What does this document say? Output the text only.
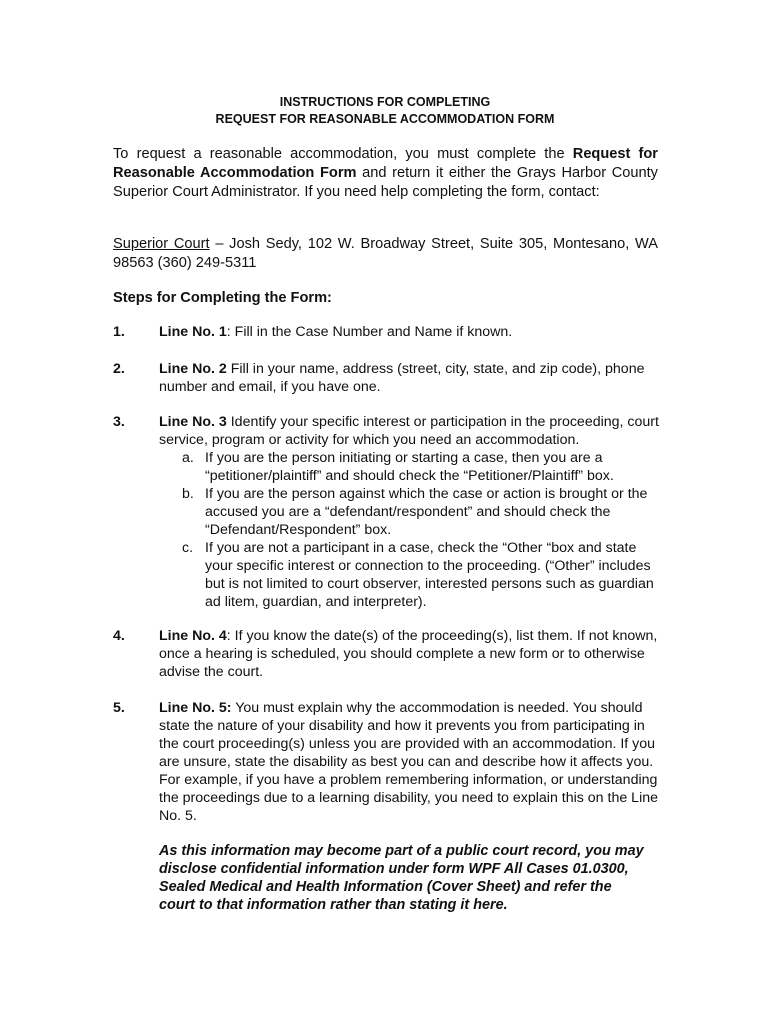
INSTRUCTIONS FOR COMPLETING
REQUEST FOR REASONABLE ACCOMMODATION FORM
To request a reasonable accommodation, you must complete the Request for Reasonable Accommodation Form and return it either the Grays Harbor County Superior Court Administrator. If you need help completing the form, contact:
Superior Court – Josh Sedy, 102 W. Broadway Street, Suite 305, Montesano, WA 98563 (360) 249-5311
Steps for Completing the Form:
1. Line No. 1: Fill in the Case Number and Name if known.
2. Line No. 2 Fill in your name, address (street, city, state, and zip code), phone number and email, if you have one.
3. Line No. 3 Identify your specific interest or participation in the proceeding, court service, program or activity for which you need an accommodation.
a. If you are the person initiating or starting a case, then you are a “petitioner/plaintiff” and should check the “Petitioner/Plaintiff” box.
b. If you are the person against which the case or action is brought or the accused you are a “defendant/respondent” and should check the “Defendant/Respondent” box.
c. If you are not a participant in a case, check the “Other “box and state your specific interest or connection to the proceeding. (“Other” includes but is not limited to court observer, interested persons such as guardian ad litem, guardian, and interpreter).
4. Line No. 4: If you know the date(s) of the proceeding(s), list them. If not known, once a hearing is scheduled, you should complete a new form or to otherwise advise the court.
5. Line No. 5: You must explain why the accommodation is needed. You should state the nature of your disability and how it prevents you from participating in the court proceeding(s) unless you are provided with an accommodation. If you are unsure, state the disability as best you can and describe how it affects you. For example, if you have a problem remembering information, or understanding the proceedings due to a learning disability, you need to explain this on the Line No. 5.
As this information may become part of a public court record, you may disclose confidential information under form WPF All Cases 01.0300, Sealed Medical and Health Information (Cover Sheet) and refer the court to that information rather than stating it here.
